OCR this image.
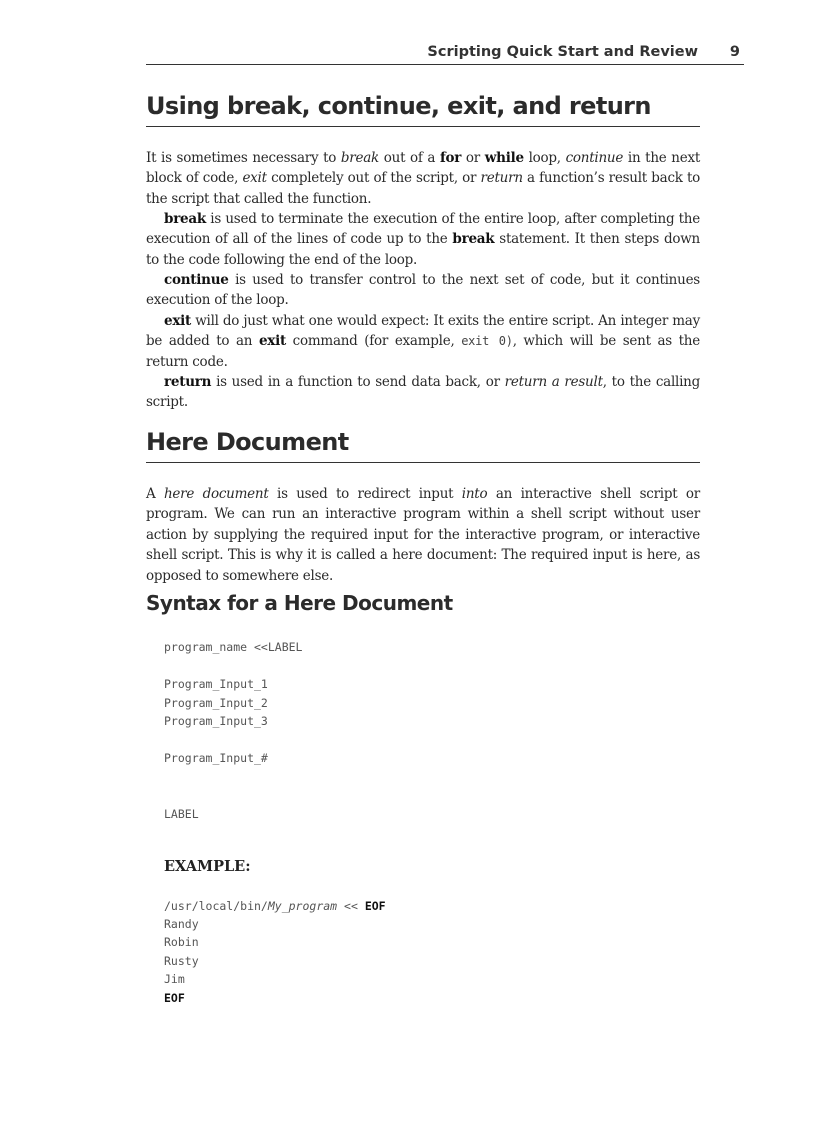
Scripting Quick Start and Review 9
Using break, continue, exit, and return

It is sometimes necessary to break out of a for or while loop, continue in the next block of code, exit completely out of the script, or return a function’s result back to the script that called the function.

break is used to terminate the execution of the entire loop, after completing the execution of all of the lines of code up to the break statement. It then steps down to the code following the end of the loop.

continue is used to transfer control to the next set of code, but it continues execution of the loop.

exit will do just what one would expect: It exits the entire script. An integer may be added to an exit command (for example, exit 0), which will be sent as the return code.

return is used in a function to send data back, or return a result, to the calling script.

Here Document

A here document is used to redirect input into an interactive shell script or program. We can run an interactive program within a shell script without user action by supplying the required input for the interactive program, or interactive shell script. This is why it is called a here document: The required input is here, as opposed to somewhere else.

Syntax for a Here Document
program_name <<LABEL
Program_Input_1
Program_Input_2
Program_Input_3
Program_Input_#
LABEL
EXAMPLE:
/usr/local/bin/My_program << EOF
Randy
Robin
Rusty
Jim
EOF
